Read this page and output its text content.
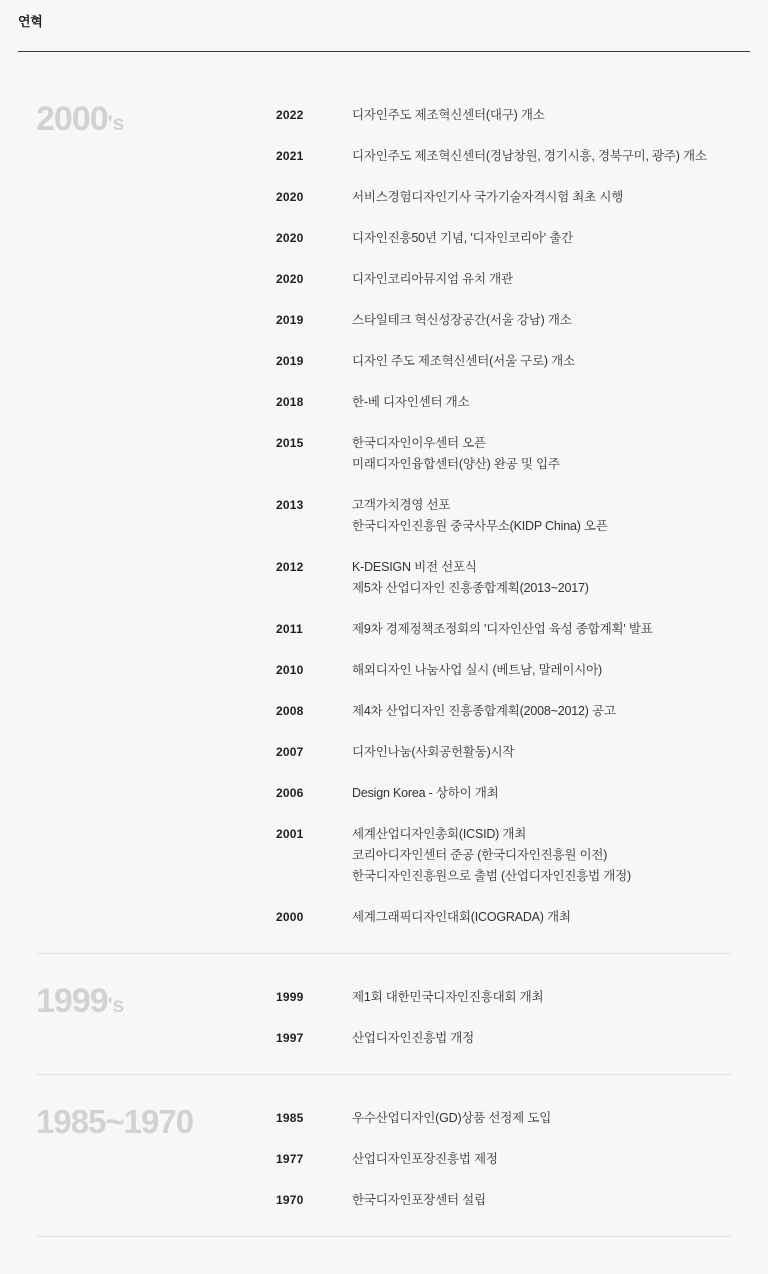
연혁
2000's	2022	디자인주도 제조혁신센터(대구) 개소
2021	디자인주도 제조혁신센터(경남창원, 경기시흥, 경북구미, 광주) 개소
2020	서비스경험디자인기사 국가기술자격시험 최초 시행
2020	디자인진흥50년 기념, '디자인코리아' 출간
2020	디자인코리아뮤지엄 유치 개관
2019	스타일테크 혁신성장공간(서울 강남) 개소
2019	디자인 주도 제조혁신센터(서울 구로) 개소
2018	한-베 디자인센터 개소
2015	한국디자인이우센터 오픈
미래디자인융합센터(양산) 완공 및 입주
2013	고객가치경영 선포
한국디자인진흥원 중국사무소(KIDP China) 오픈
2012	K-DESIGN 비전 선포식
제5차 산업디자인 진흥종합계획(2013~2017)
2011	제9차 경제정책조정회의 '디자인산업 육성 종합계획' 발표
2010	해외디자인 나눔사업 실시 (베트남, 말레이시아)
2008	제4차 산업디자인 진흥종합계획(2008~2012) 공고
2007	디자인나눔(사회공헌활동)시작
2006	Design Korea - 상하이 개최
2001	세계산업디자인총회(ICSID) 개최
코리아디자인센터 준공 (한국디자인진흥원 이전)
한국디자인진흥원으로 출범 (산업디자인진흥법 개정)
2000	세계그래픽디자인대회(ICOGRADA) 개최
1999's	1999	제1회 대한민국디자인진흥대회 개최
1997	산업디자인진흥법 개정
1985~1970	1985	우수산업디자인(GD)상품 선정제 도입
1977	산업디자인포장진흥법 제정
1970	한국디자인포장센터 설립
